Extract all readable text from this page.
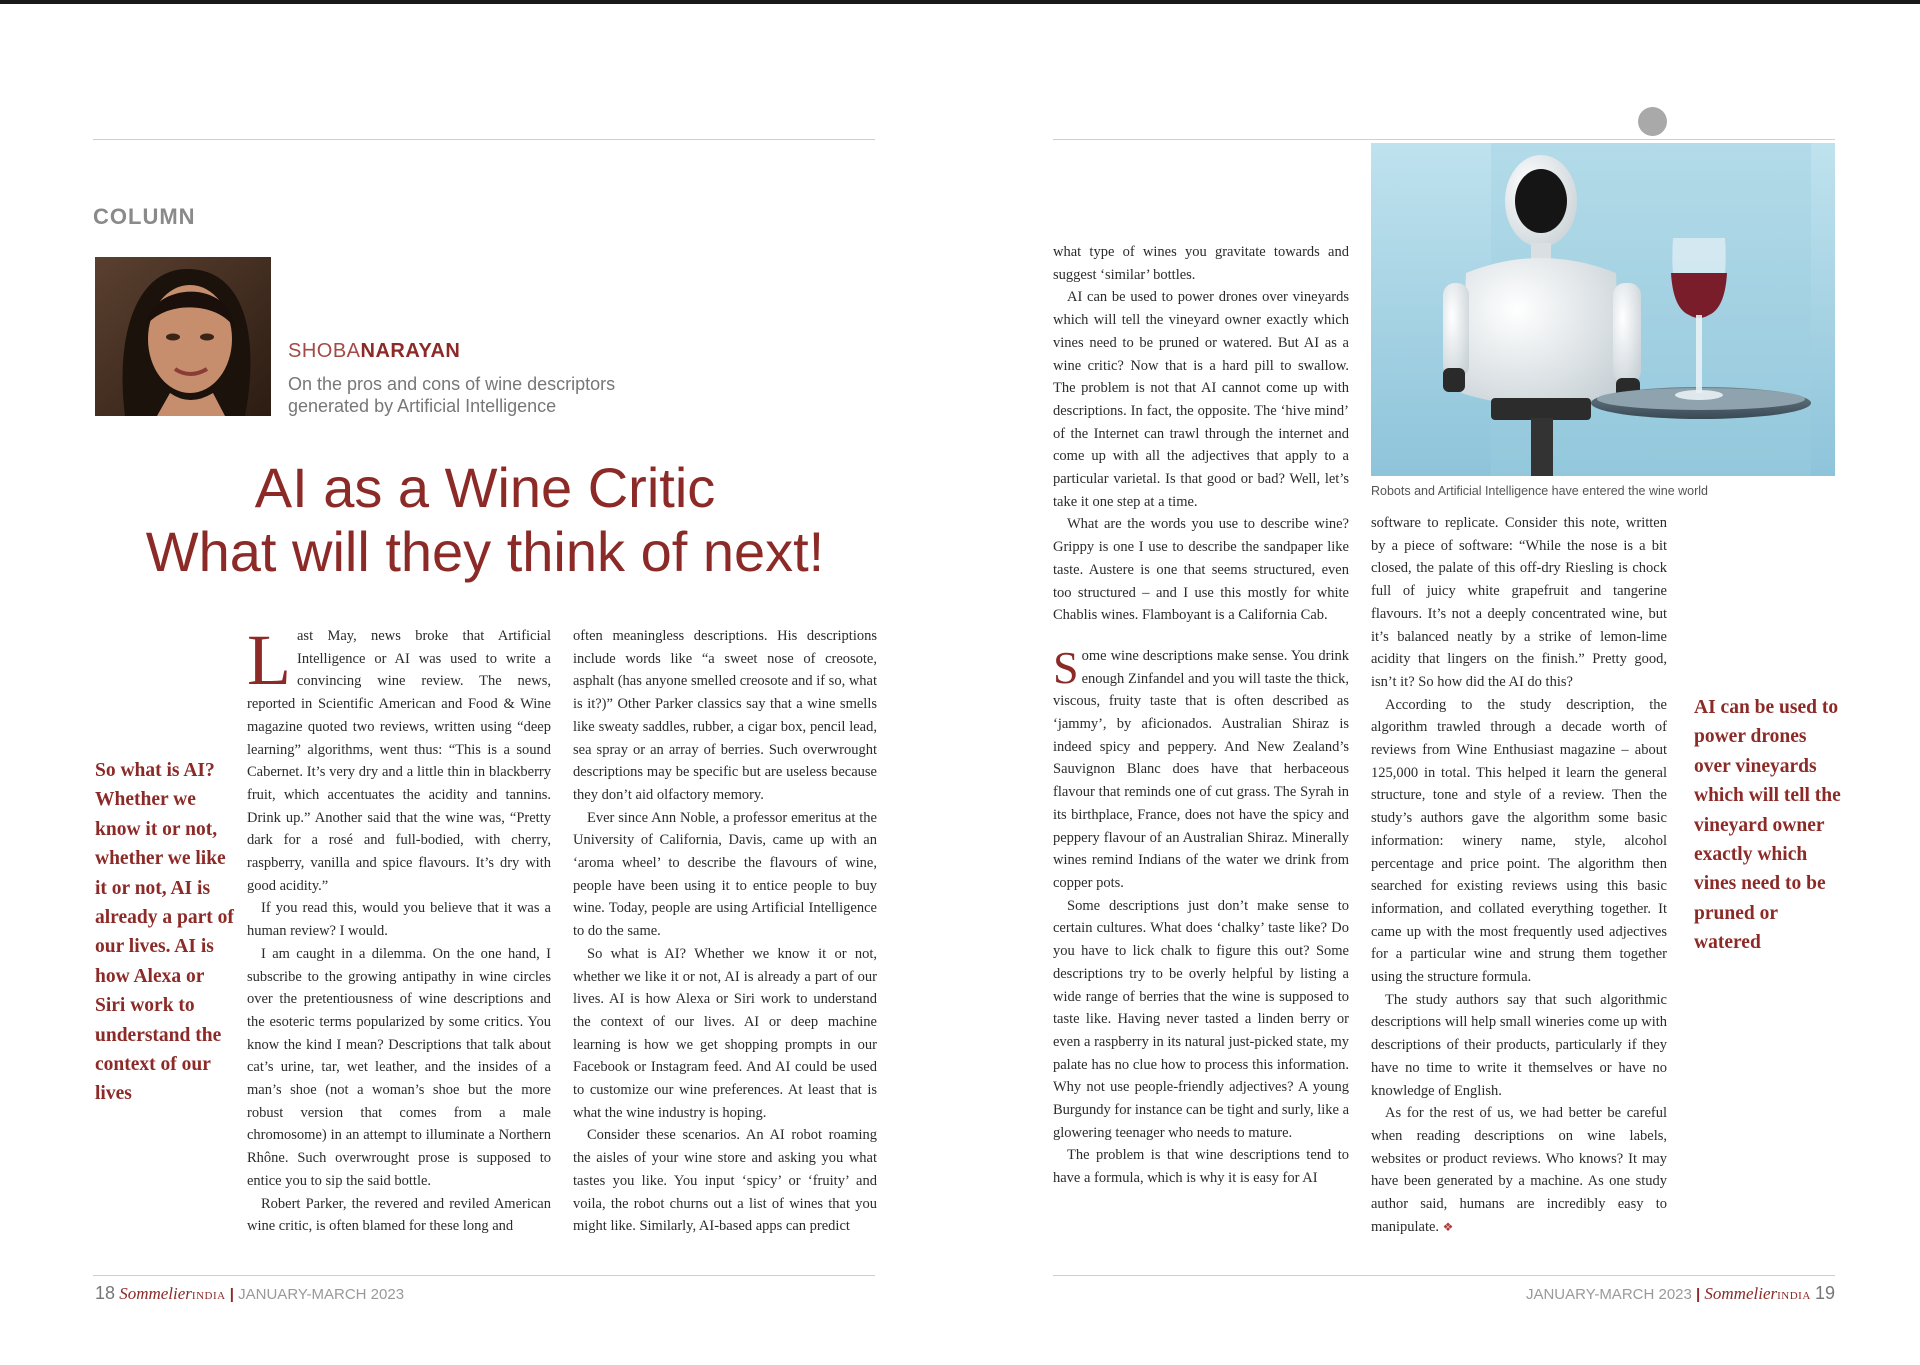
COLUMN
SHOBANARAYAN
On the pros and cons of wine descriptors generated by Artificial Intelligence
AI as a Wine Critic
What will they think of next!
So what is AI? Whether we know it or not, whether we like it or not, AI is already a part of our lives. AI is how Alexa or Siri work to understand the context of our lives

Last May, news broke that Artificial Intelligence or AI was used to write a convincing wine review. The news, reported in Scientific American and Food & Wine magazine quoted two reviews, written using “deep learning” algorithms, went thus: “This is a sound Cabernet. It’s very dry and a little thin in blackberry fruit, which accentuates the acidity and tannins. Drink up.” Another said that the wine was, “Pretty dark for a rosé and full-bodied, with cherry, raspberry, vanilla and spice flavours. It’s dry with good acidity.”

If you read this, would you believe that it was a human review? I would.

I am caught in a dilemma. On the one hand, I subscribe to the growing antipathy in wine circles over the pretentiousness of wine descriptions and the esoteric terms popularized by some critics. You know the kind I mean? Descriptions that talk about cat’s urine, tar, wet leather, and the insides of a man’s shoe (not a woman’s shoe but the more robust version that comes from a male chromosome) in an attempt to illuminate a Northern Rhône. Such overwrought prose is supposed to entice you to sip the said bottle.

Robert Parker, the revered and reviled American wine critic, is often blamed for these long and

often meaningless descriptions. His descriptions include words like “a sweet nose of creosote, asphalt (has anyone smelled creosote and if so, what is it?)” Other Parker classics say that a wine smells like sweaty saddles, rubber, a cigar box, pencil lead, sea spray or an array of berries. Such overwrought descriptions may be specific but are useless because they don’t aid olfactory memory.

Ever since Ann Noble, a professor emeritus at the University of California, Davis, came up with an ‘aroma wheel’ to describe the flavours of wine, people have been using it to entice people to buy wine. Today, people are using Artificial Intelligence to do the same.

So what is AI? Whether we know it or not, whether we like it or not, AI is already a part of our lives. AI is how Alexa or Siri work to understand the context of our lives. AI or deep machine learning is how we get shopping prompts in our Facebook or Instagram feed. And AI could be used to customize our wine preferences. At least that is what the wine industry is hoping.

Consider these scenarios. An AI robot roaming the aisles of your wine store and asking you what tastes you like. You input ‘spicy’ or ‘fruity’ and voila, the robot churns out a list of wines that you might like. Similarly, AI-based apps can predict

18 SommelierINDIA | JANUARY-MARCH 2023
Robots and Artificial Intelligence have entered the wine world

what type of wines you gravitate towards and suggest ‘similar’ bottles.

AI can be used to power drones over vineyards which will tell the vineyard owner exactly which vines need to be pruned or watered. But AI as a wine critic? Now that is a hard pill to swallow. The problem is not that AI cannot come up with descriptions. In fact, the opposite. The ‘hive mind’ of the Internet can trawl through the internet and come up with all the adjectives that apply to a particular varietal. Is that good or bad? Well, let’s take it one step at a time.

What are the words you use to describe wine? Grippy is one I use to describe the sandpaper like taste. Austere is one that seems structured, even too structured – and I use this mostly for white Chablis wines. Flamboyant is a California Cab.

Some wine descriptions make sense. You drink enough Zinfandel and you will taste the thick, viscous, fruity taste that is often described as ‘jammy’, by aficionados. Australian Shiraz is indeed spicy and peppery. And New Zealand’s Sauvignon Blanc does have that herbaceous flavour that reminds one of cut grass. The Syrah in its birthplace, France, does not have the spicy and peppery flavour of an Australian Shiraz. Minerally wines remind Indians of the water we drink from copper pots.

Some descriptions just don’t make sense to certain cultures. What does ‘chalky’ taste like? Do you have to lick chalk to figure this out? Some descriptions try to be overly helpful by listing a wide range of berries that the wine is supposed to taste like. Having never tasted a linden berry or even a raspberry in its natural just-picked state, my palate has no clue how to process this information. Why not use people-friendly adjectives? A young Burgundy for instance can be tight and surly, like a glowering teenager who needs to mature.

The problem is that wine descriptions tend to have a formula, which is why it is easy for AI

software to replicate. Consider this note, written by a piece of software: “While the nose is a bit closed, the palate of this off-dry Riesling is chock full of juicy white grapefruit and tangerine flavours. It’s not a deeply concentrated wine, but it’s balanced neatly by a strike of lemon-lime acidity that lingers on the finish.” Pretty good, isn’t it? So how did the AI do this?

According to the study description, the algorithm trawled through a decade worth of reviews from Wine Enthusiast magazine – about 125,000 in total. This helped it learn the general structure, tone and style of a review. Then the study’s authors gave the algorithm some basic information: winery name, style, alcohol percentage and price point. The algorithm then searched for existing reviews using this basic information, and collated everything together. It came up with the most frequently used adjectives for a particular wine and strung them together using the structure formula.

The study authors say that such algorithmic descriptions will help small wineries come up with descriptions of their products, particularly if they have no time to write it themselves or have no knowledge of English.

As for the rest of us, we had better be careful when reading descriptions on wine labels, websites or product reviews. Who knows? It may have been generated by a machine. As one study author said, humans are incredibly easy to manipulate. ❖

AI can be used to power drones over vineyards which will tell the vineyard owner exactly which vines need to be pruned or watered
JANUARY-MARCH 2023 | SommelierINDIA 19
